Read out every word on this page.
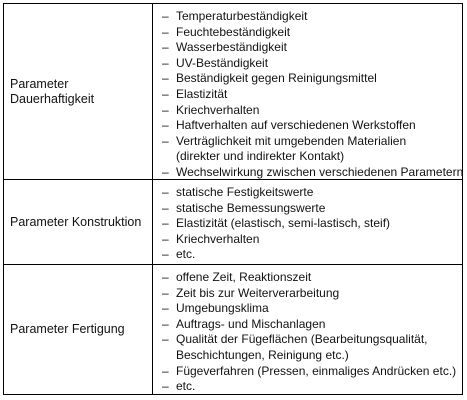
Parameter Dauerhaftigkeit
– Temperaturbeständigkeit
– Feuchtebeständigkeit
– Wasserbeständigkeit
– UV-Beständigkeit
– Beständigkeit gegen Reinigungsmittel
– Elastizität
– Kriechverhalten
– Haftverhalten auf verschiedenen Werkstoffen
– Verträglichkeit mit umgebenden Materialien
(direkter und indirekter Kontakt)
– Wechselwirkung zwischen verschiedenen Parametern
Parameter Konstruktion
– statische Festigkeitswerte
– statische Bemessungswerte
– Elastizität (elastisch, semi-lastisch, steif)
– Kriechverhalten
– etc.
Parameter Fertigung
– offene Zeit, Reaktionszeit
– Zeit bis zur Weiterverarbeitung
– Umgebungsklima
– Auftrags- und Mischanlagen
– Qualität der Fügeflächen (Bearbeitungsqualität,
Beschichtungen, Reinigung etc.)
– Fügeverfahren (Pressen, einmaliges Andrücken etc.)
– etc.
